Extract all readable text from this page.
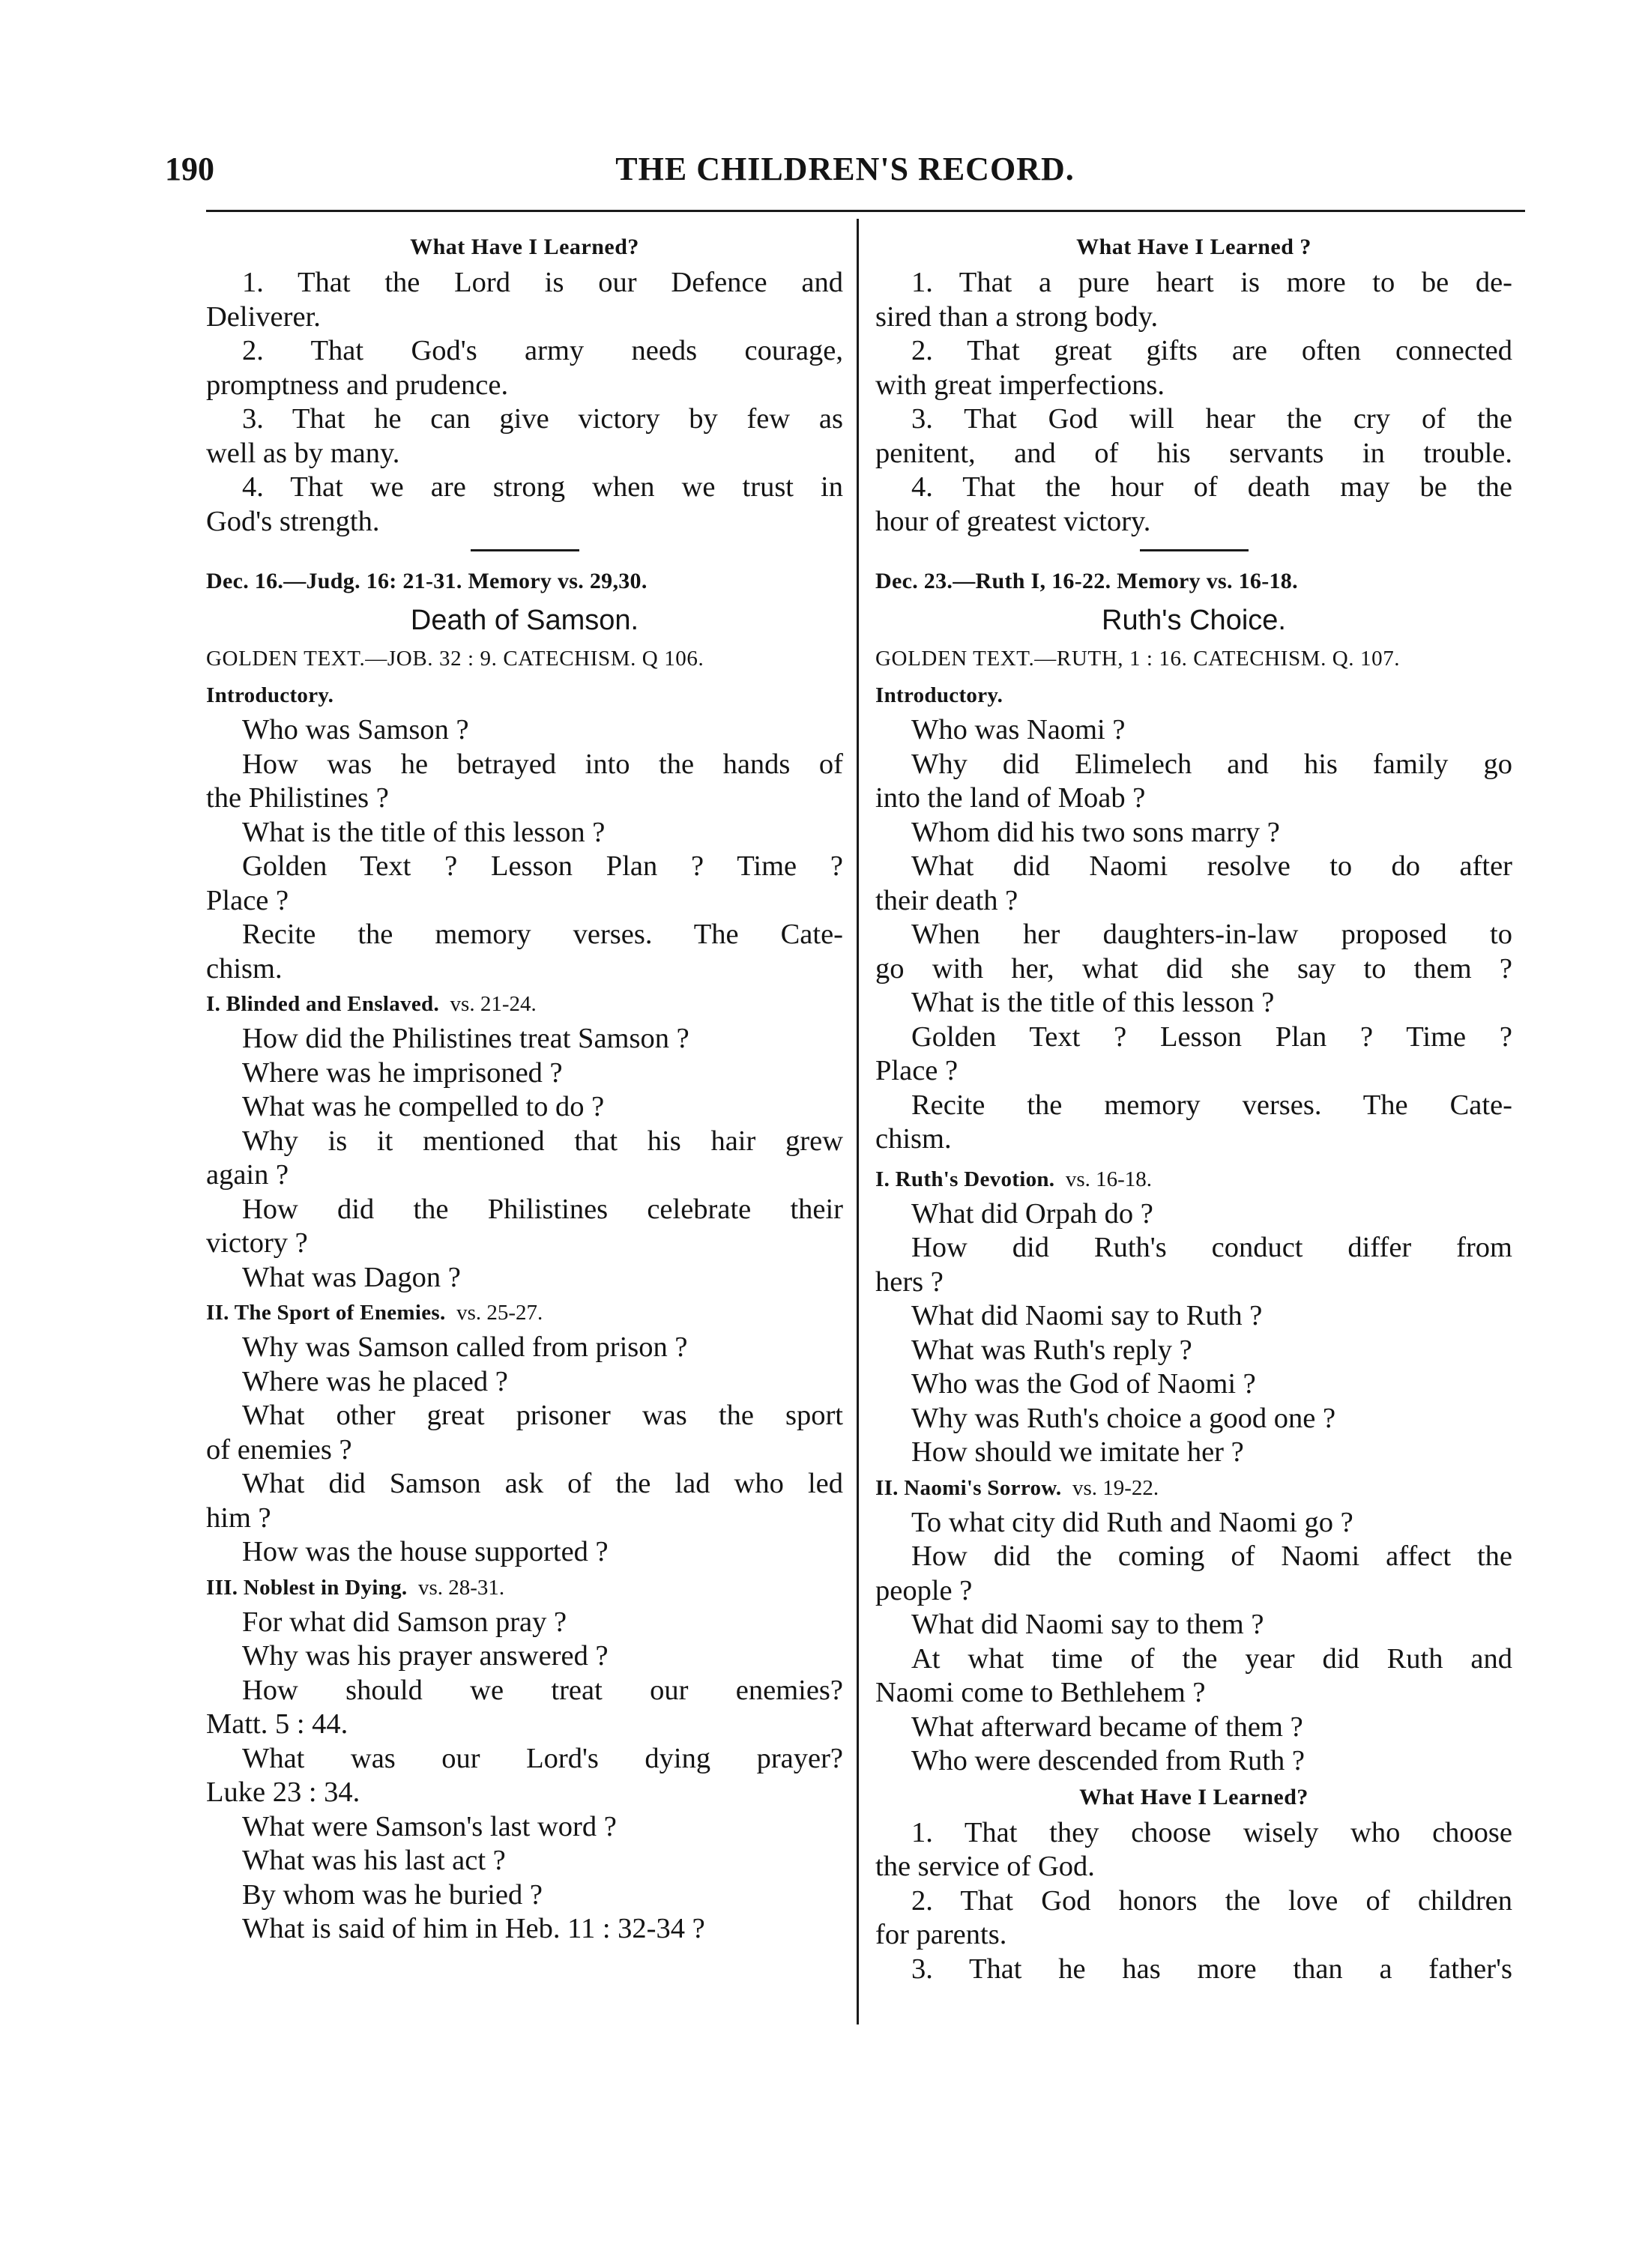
190	THE CHILDREN'S RECORD.
What Have I Learned?
1. That the Lord is our Defence and
Deliverer.
2. That God's army needs courage,
promptness and prudence.
3. That he can give victory by few as
well as by many.
4. That we are strong when we trust in
God's strength.
Dec. 16.—Judg. 16: 21-31. Memory vs. 29,30.
Death of Samson.
GOLDEN TEXT.—JOB. 32 : 9. CATECHISM. Q 106.
Introductory.
Who was Samson ?
How was he betrayed into the hands of
the Philistines ?
What is the title of this lesson ?
Golden Text ? Lesson Plan ? Time ?
Place ?
Recite the memory verses. The Cate-
chism.
I. Blinded and Enslaved. vs. 21-24.
How did the Philistines treat Samson ?
Where was he imprisoned ?
What was he compelled to do ?
Why is it mentioned that his hair grew
again ?
How did the Philistines celebrate their
victory ?
What was Dagon ?
II. The Sport of Enemies. vs. 25-27.
Why was Samson called from prison ?
Where was he placed ?
What other great prisoner was the sport
of enemies ?
What did Samson ask of the lad who led
him ?
How was the house supported ?
III. Noblest in Dying. vs. 28-31.
For what did Samson pray ?
Why was his prayer answered ?
How should we treat our enemies?
Matt. 5 : 44.
What was our Lord's dying prayer?
Luke 23 : 34.
What were Samson's last word ?
What was his last act ?
By whom was he buried ?
What is said of him in Heb. 11 : 32-34 ?
What Have I Learned ?
1. That a pure heart is more to be de-
sired than a strong body.
2. That great gifts are often connected
with great imperfections.
3. That God will hear the cry of the
penitent, and of his servants in trouble.
4. That the hour of death may be the
hour of greatest victory.
Dec. 23.—Ruth I, 16-22. Memory vs. 16-18.
Ruth's Choice.
GOLDEN TEXT.—RUTH, 1 : 16. CATECHISM. Q. 107.
Introductory.
Who was Naomi ?
Why did Elimelech and his family go
into the land of Moab ?
Whom did his two sons marry ?
What did Naomi resolve to do after
their death ?
When her daughters-in-law proposed to
go with her, what did she say to them ?
What is the title of this lesson ?
Golden Text ? Lesson Plan ? Time ?
Place ?
Recite the memory verses. The Cate-
chism.
I. Ruth's Devotion. vs. 16-18.
What did Orpah do ?
How did Ruth's conduct differ from
hers ?
What did Naomi say to Ruth ?
What was Ruth's reply ?
Who was the God of Naomi ?
Why was Ruth's choice a good one ?
How should we imitate her ?
II. Naomi's Sorrow. vs. 19-22.
To what city did Ruth and Naomi go ?
How did the coming of Naomi affect the
people ?
What did Naomi say to them ?
At what time of the year did Ruth and
Naomi come to Bethlehem ?
What afterward became of them ?
Who were descended from Ruth ?
What Have I Learned?
1. That they choose wisely who choose
the service of God.
2. That God honors the love of children
for parents.
3. That he has more than a father's
